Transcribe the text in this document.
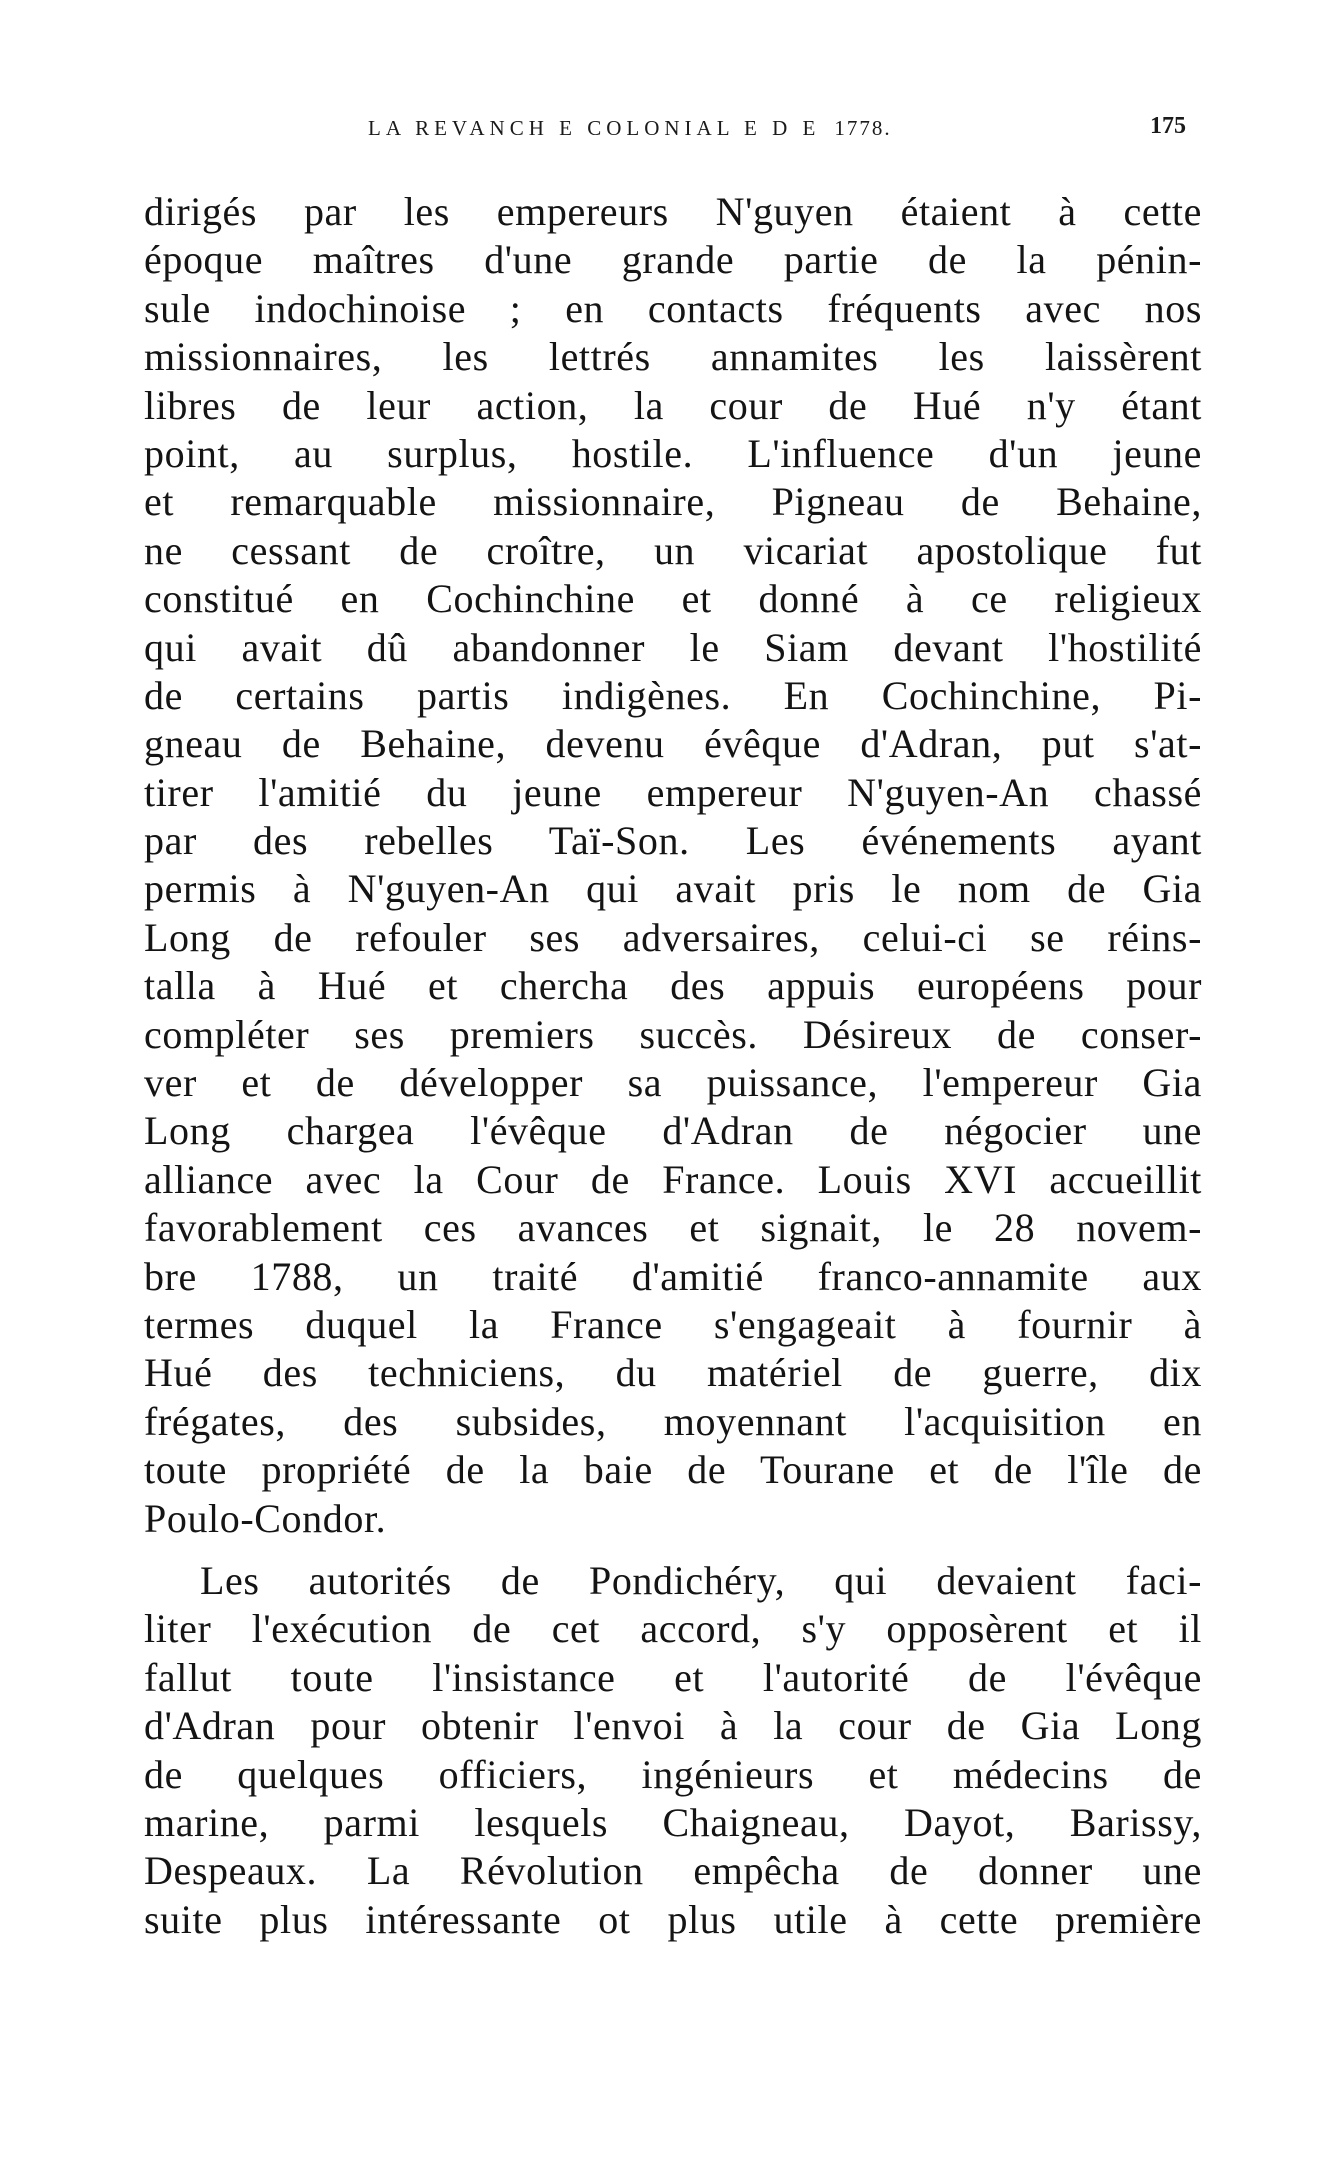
LA REVANCH E COLONIAL E D E 1778.	175
dirigés par les empereurs N'guyen étaient à cette
époque maîtres d'une grande partie de la pénin-
sule indochinoise ; en contacts fréquents avec nos
missionnaires, les lettrés annamites les laissèrent
libres de leur action, la cour de Hué n'y étant
point, au surplus, hostile. L'influence d'un jeune
et remarquable missionnaire, Pigneau de Behaine,
ne cessant de croître, un vicariat apostolique fut
constitué en Cochinchine et donné à ce religieux
qui avait dû abandonner le Siam devant l'hostilité
de certains partis indigènes. En Cochinchine, Pi-
gneau de Behaine, devenu évêque d'Adran, put s'at-
tirer l'amitié du jeune empereur N'guyen-An chassé
par des rebelles Taï-Son. Les événements ayant
permis à N'guyen-An qui avait pris le nom de Gia
Long de refouler ses adversaires, celui-ci se réins-
talla à Hué et chercha des appuis européens pour
compléter ses premiers succès. Désireux de conser-
ver et de développer sa puissance, l'empereur Gia
Long chargea l'évêque d'Adran de négocier une
alliance avec la Cour de France. Louis XVI accueillit
favorablement ces avances et signait, le 28 novem-
bre 1788, un traité d'amitié franco-annamite aux
termes duquel la France s'engageait à fournir à
Hué des techniciens, du matériel de guerre, dix
frégates, des subsides, moyennant l'acquisition en
toute propriété de la baie de Tourane et de l'île de
Poulo-Condor.
Les autorités de Pondichéry, qui devaient faci-
liter l'exécution de cet accord, s'y opposèrent et il
fallut toute l'insistance et l'autorité de l'évêque
d'Adran pour obtenir l'envoi à la cour de Gia Long
de quelques officiers, ingénieurs et médecins de
marine, parmi lesquels Chaigneau, Dayot, Barissy,
Despeaux. La Révolution empêcha de donner une
suite plus intéressante ot plus utile à cette première
